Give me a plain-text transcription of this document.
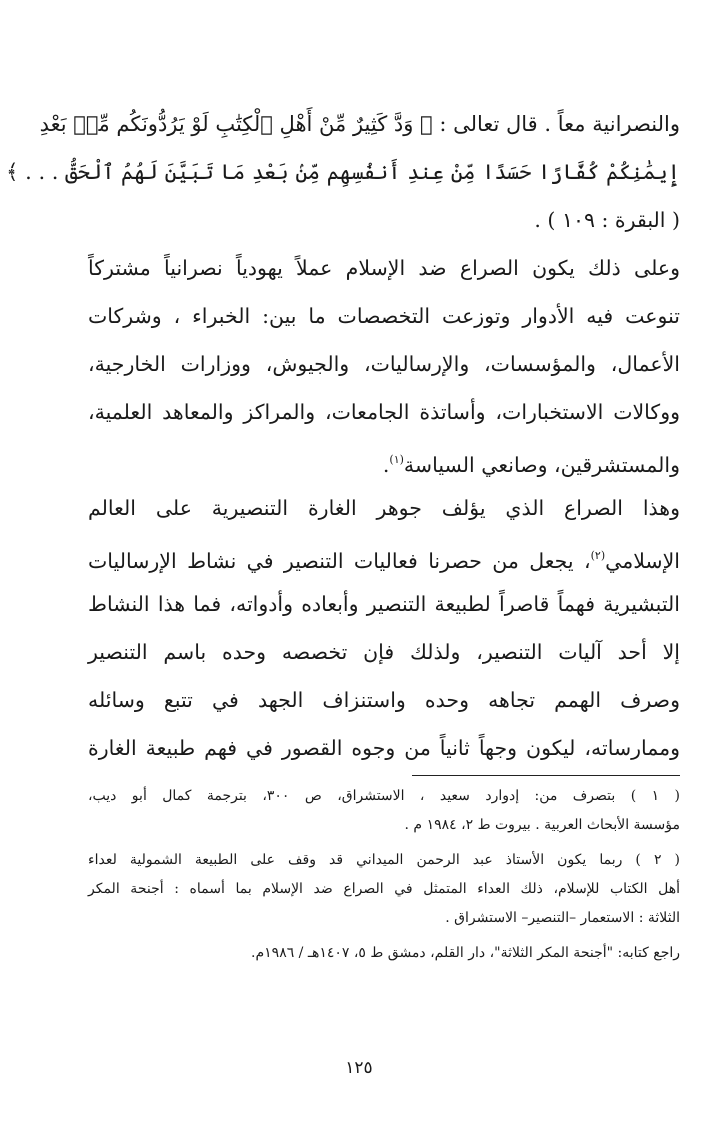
والنصرانية معاً . قال تعالى : ﴿ وَدَّ كَثِيرٌ مِّنْ أَهْلِ ٱلْكِتَٰبِ لَوْ يَرُدُّونَكُم مِّنۢ بَعْدِ
إِيمَٰنِكُمْ كُفَّارًا حَسَدًا مِّنْ عِندِ أَنفُسِهِم مِّنۢ بَعْدِ مَا تَبَيَّنَ لَهُمُ ٱلْحَقُّ . . . ﴾
( البقرة : ١٠٩ ) .
وعلى ذلك يكون الصراع ضد الإسلام عملاً يهودياً نصرانياً مشتركاً
تنوعت فيه الأدوار وتوزعت التخصصات ما بين: الخبراء ، وشركات
الأعمال، والمؤسسات، والإرساليات، والجيوش، ووزارات الخارجية،
ووكالات الاستخبارات، وأساتذة الجامعات، والمراكز والمعاهد العلمية،
والمستشرقين، وصانعي السياسة$^{(١)}$.
وهذا الصراع الذي يؤلف جوهر الغارة التنصيرية على العالم
الإسلامي$^{(٢)}$، يجعل من حصرنا فعاليات التنصير في نشاط الإرساليات
التبشيرية فهماً قاصراً لطبيعة التنصير وأبعاده وأدواته، فما هذا النشاط
إلا أحد آليات التنصير، ولذلك فإن تخصصه وحده باسم التنصير
وصرف الهمم تجاهه وحده واستنزاف الجهد في تتبع وسائله
وممارساته، ليكون وجهاً ثانياً من وجوه القصور في فهم طبيعة الغارة
( ١ ) بتصرف من: إدوارد سعيد ، الاستشراق، ص ٣٠٠، بترجمة كمال أبو ديب،
مؤسسة الأبحاث العربية . بيروت ط ٢، ١٩٨٤ م .
( ٢ ) ربما يكون الأستاذ عبد الرحمن الميداني قد وقف على الطبيعة الشمولية لعداء
أهل الكتاب للإسلام، ذلك العداء المتمثل في الصراع ضد الإسلام بما أسماه : أجنحة المكر
الثلاثة : الاستعمار –التنصير– الاستشراق .
راجع كتابه: "أجنحة المكر الثلاثة"، دار القلم، دمشق ط ٥، ١٤٠٧هـ / ١٩٨٦م.
١٢٥
